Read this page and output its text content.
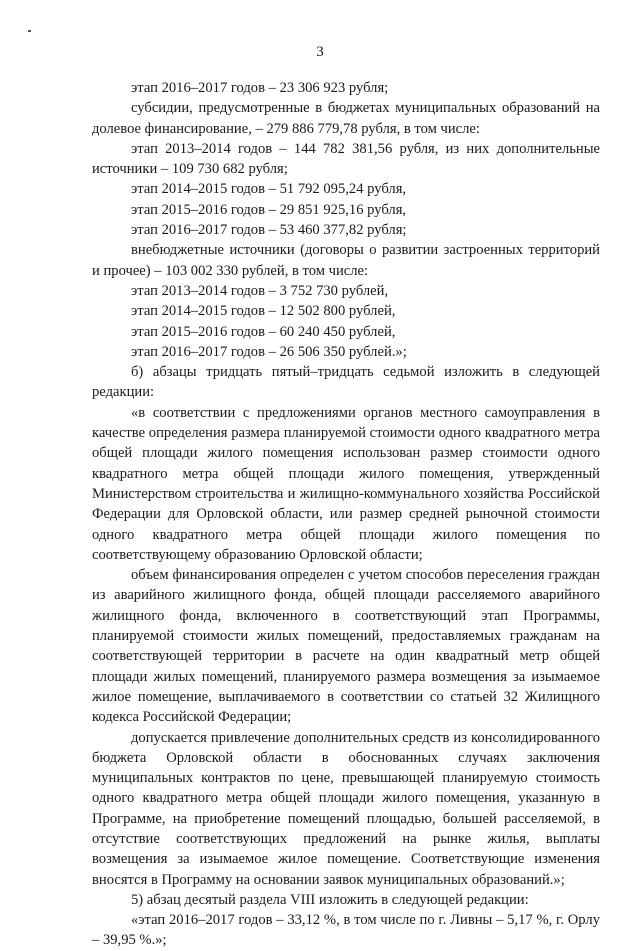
3

этап 2016–2017 годов – 23 306 923 рубля;

субсидии, предусмотренные в бюджетах муниципальных образований на долевое финансирование, – 279 886 779,78 рубля, в том числе:

этап 2013–2014 годов – 144 782 381,56 рубля, из них дополнительные источники – 109 730 682 рубля;

этап 2014–2015 годов – 51 792 095,24 рубля,

этап 2015–2016 годов – 29 851 925,16 рубля,

этап 2016–2017 годов – 53 460 377,82 рубля;

внебюджетные источники (договоры о развитии застроенных территорий и прочее) – 103 002 330 рублей, в том числе:

этап 2013–2014 годов – 3 752 730 рублей,

этап 2014–2015 годов – 12 502 800 рублей,

этап 2015–2016 годов – 60 240 450 рублей,

этап 2016–2017 годов – 26 506 350 рублей.»;

б) абзацы тридцать пятый–тридцать седьмой изложить в следующей редакции:

«в соответствии с предложениями органов местного самоуправления в качестве определения размера планируемой стоимости одного квадратного метра общей площади жилого помещения использован размер стоимости одного квадратного метра общей площади жилого помещения, утвержденный Министерством строительства и жилищно-коммунального хозяйства Российской Федерации для Орловской области, или размер средней рыночной стоимости одного квадратного метра общей площади жилого помещения по соответствующему образованию Орловской области;

объем финансирования определен с учетом способов переселения граждан из аварийного жилищного фонда, общей площади расселяемого аварийного жилищного фонда, включенного в соответствующий этап Программы, планируемой стоимости жилых помещений, предоставляемых гражданам на соответствующей территории в расчете на один квадратный метр общей площади жилых помещений, планируемого размера возмещения за изымаемое жилое помещение, выплачиваемого в соответствии со статьей 32 Жилищного кодекса Российской Федерации;

допускается привлечение дополнительных средств из консолидированного бюджета Орловской области в обоснованных случаях заключения муниципальных контрактов по цене, превышающей планируемую стоимость одного квадратного метра общей площади жилого помещения, указанную в Программе, на приобретение помещений площадью, большей расселяемой, в отсутствие соответствующих предложений на рынке жилья, выплаты возмещения за изымаемое жилое помещение. Соответствующие изменения вносятся в Программу на основании заявок муниципальных образований.»;

5) абзац десятый раздела VIII изложить в следующей редакции:

«этап 2016–2017 годов – 33,12 %, в том числе по г. Ливны – 5,17 %, г. Орлу – 39,95 %.»;
